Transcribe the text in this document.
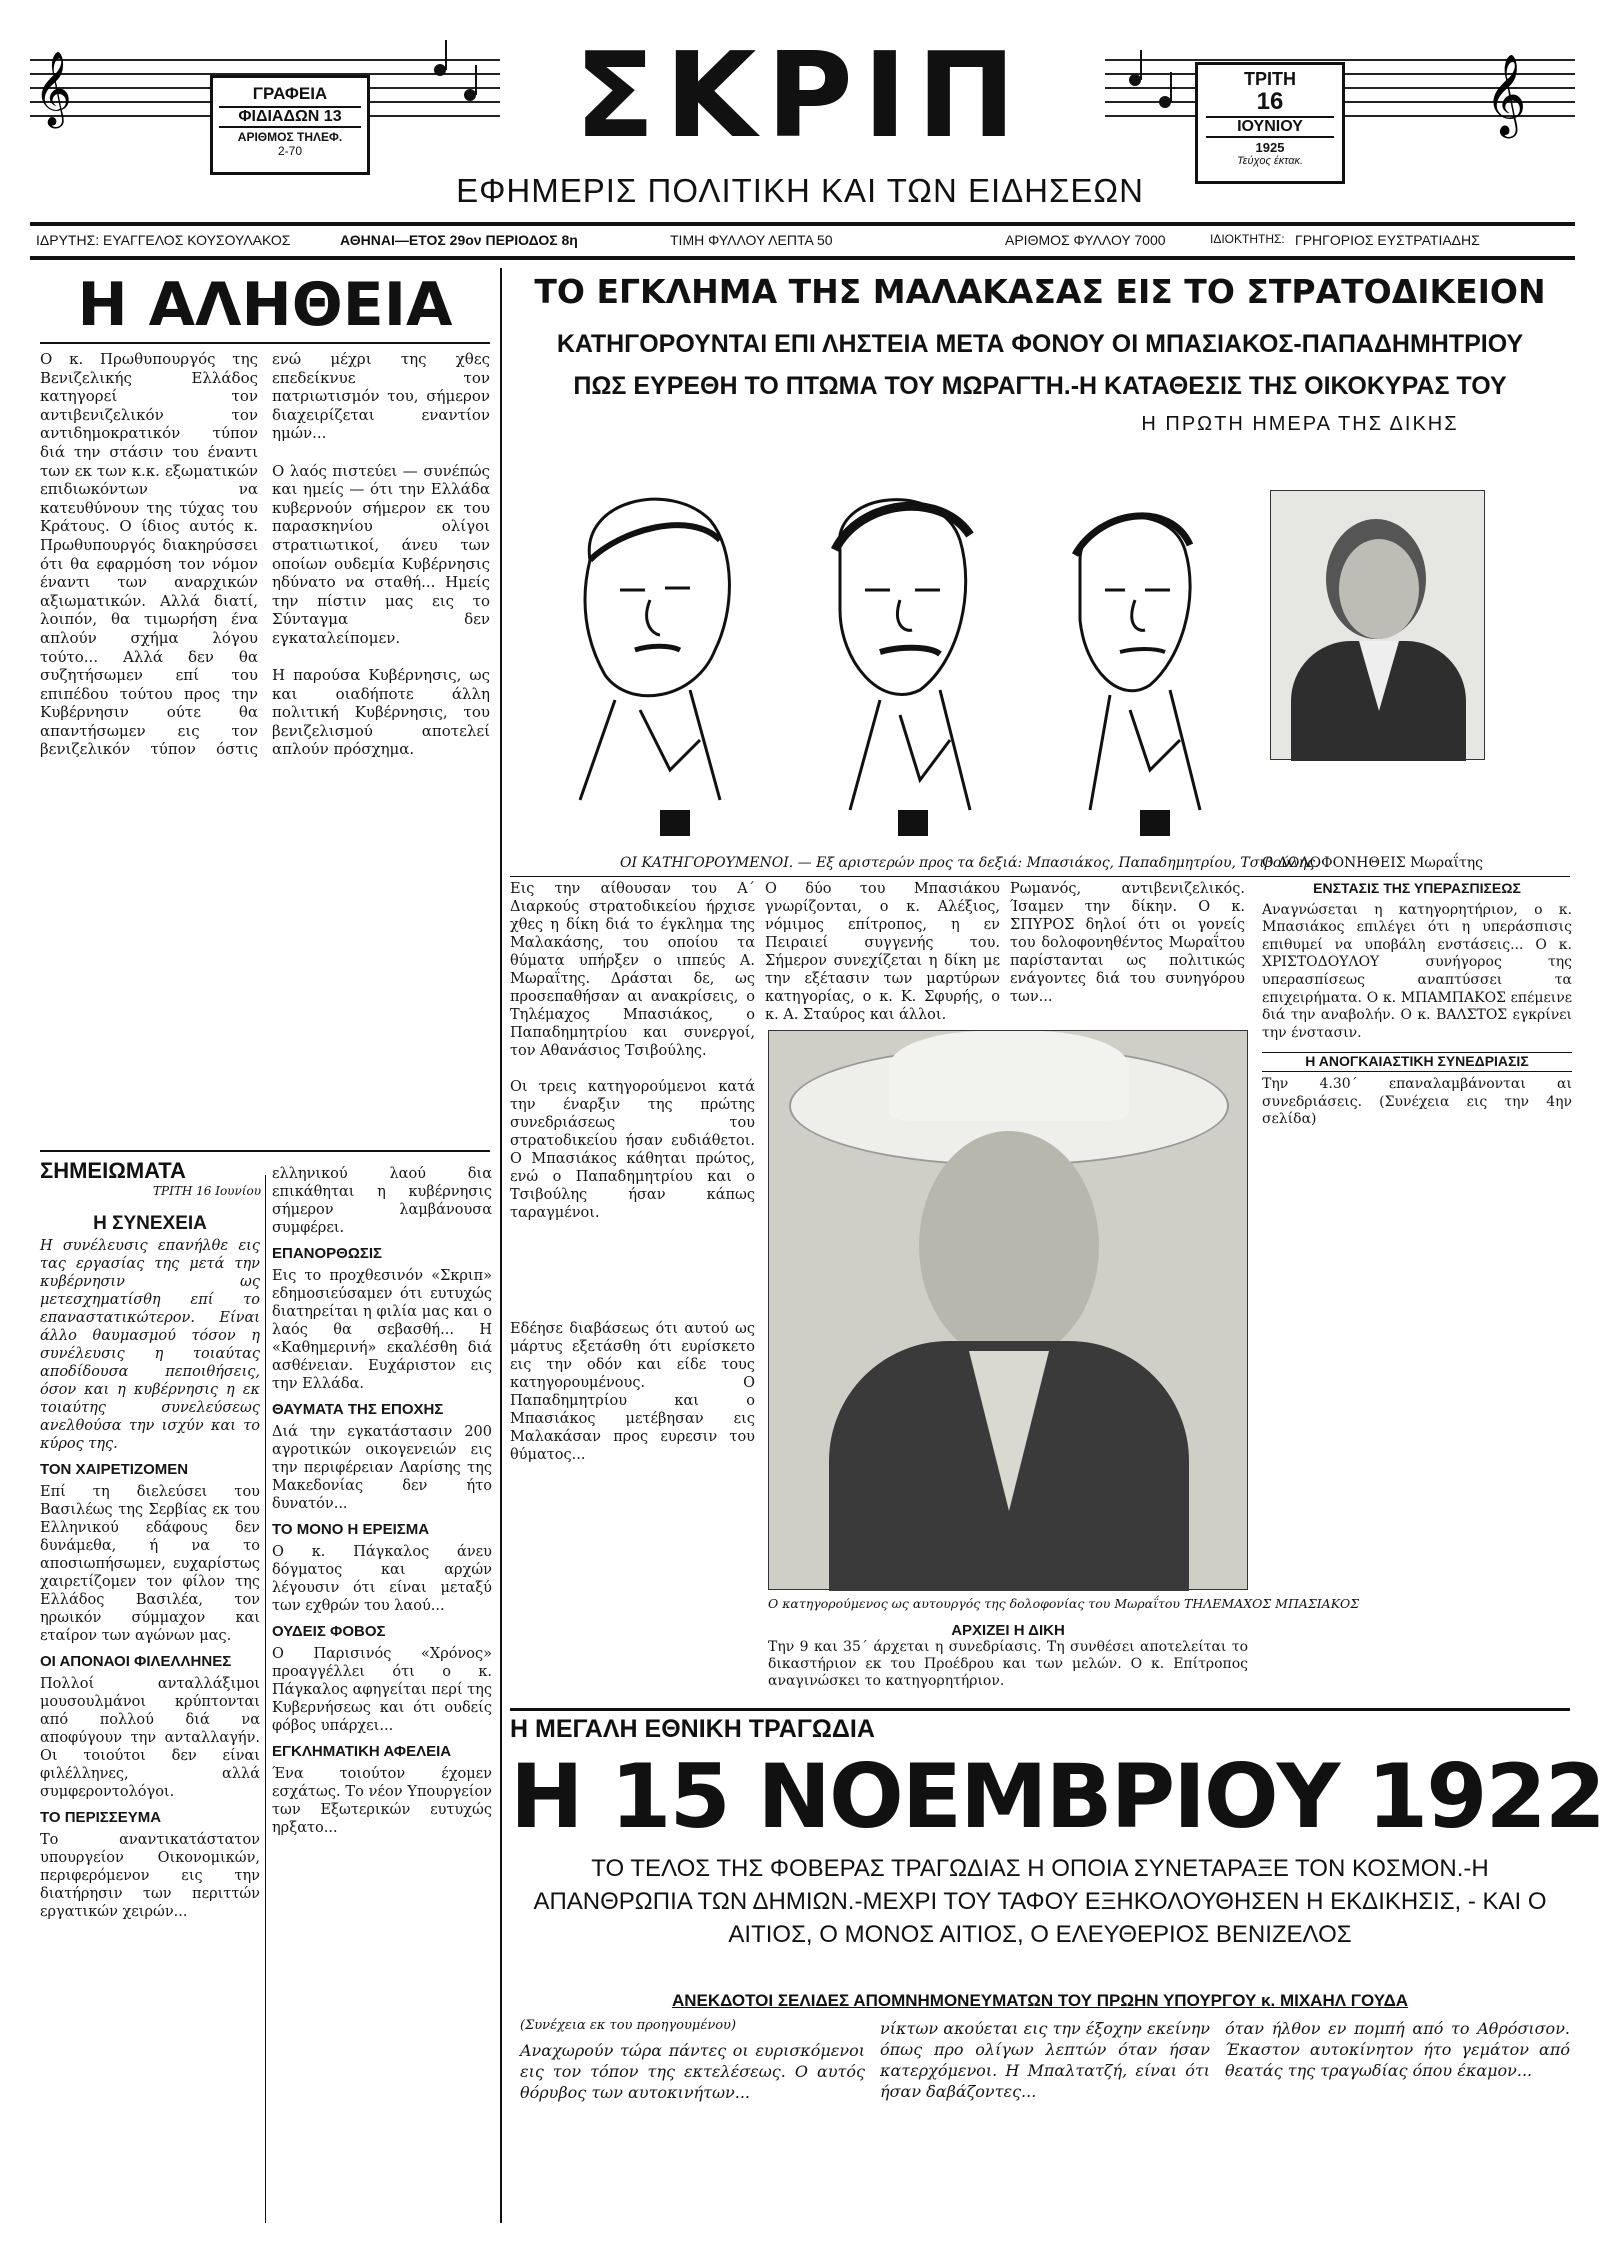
𝄞	𝄞
ΓΡΑΦΕΙΑ
ΦΙΔΙΑΔΩΝ 13
ΑΡΙΘΜΟΣ ΤΗΛΕΦ.
2-70	ΣΚΡΙΠ
ΕΦΗΜΕΡΙΣ ΠΟΛΙΤΙΚΗ ΚΑΙ ΤΩΝ ΕΙΔΗΣΕΩΝ
ΤΡΙΤΗ
16
ΙΟΥΝΙΟΥ
1925
Τεύχος έκτακ.
ΙΔΡΥΤΗΣ: ΕΥΑΓΓΕΛΟΣ ΚΟΥΣΟΥΛΑΚΟΣ	ΑΘΗΝΑΙ—ΕΤΟΣ 29ον ΠΕΡΙΟΔΟΣ 8η	ΤΙΜΗ ΦΥΛΛΟΥ ΛΕΠΤΑ 50	ΑΡΙΘΜΟΣ ΦΥΛΛΟΥ 7000	ΙΔΙΟΚΤΗΤΗΣ: ΓΡΗΓΟΡΙΟΣ ΕΥΣΤΡΑΤΙΑΔΗΣ
Η ΑΛΗΘΕΙΑ
Ο κ. Πρωθυπουργός της Βενιζελικής Ελλάδος κατηγορεί τον αντιβενιζελικόν τον αντιδημοκρατικόν τύπον διά την στάσιν του έναντι των εκ των κ.κ. εξωματικών επιδιωκόντων να κατευθύνουν της τύχας του Κράτους. Ο ίδιος αυτός κ. Πρωθυπουργός διακηρύσσει ότι θα εφαρμόση τον νόμον έναντι των αναρχικών αξιωματικών. Αλλά διατί, λοιπόν, θα τιμωρήση ένα απλούν σχήμα λόγου τούτο... Αλλά δεν θα συζητήσωμεν επί του επιπέδου τούτου προς την Κυβέρνησιν ούτε θα απαντήσωμεν εις τον βενιζελικόν τύπον όστις ενώ μέχρι της χθες επεδείκνυε τον πατριωτισμόν του, σήμερον διαχειρίζεται εναντίον ημών...

Ο λαός πιστεύει — συνέπώς και ημείς — ότι την Ελλάδα κυβερνούν σήμερον εκ του παρασκηνίου ολίγοι στρατιωτικοί, άνευ των οποίων ουδεμία Κυβέρνησις ηδύνατο να σταθή... Ημείς την πίστιν μας εις το Σύνταγμα δεν εγκαταλείπομεν.

Η παρούσα Κυβέρνησις, ως και οιαδήποτε άλλη πολιτική Κυβέρνησις, του βενιζελισμού αποτελεί απλούν πρόσχημα.
ΣΗΜΕΙΩΜΑΤΑ
ΤΡΙΤΗ 16 Ιουνίου
Η ΣΥΝΕΧΕΙΑ
Η συνέλευσις επανήλθε εις τας εργασίας της μετά την κυβέρνησιν ως μετεσχηματίσθη επί το επαναστατικώτερον. Είναι άλλο θαυμασμού τόσον η συνέλευσις η τοιαύτας αποδίδουσα πεποιθήσεις, όσον και η κυβέρνησις η εκ τοιαύτης συνελεύσεως ανελθούσα την ισχύν και το κύρος της.
ΤΟΝ ΧΑΙΡΕΤΙΖΟΜΕΝ
Επί τη διελεύσει του Βασιλέως της Σερβίας εκ του Ελληνικού εδάφους δεν δυνάμεθα, ή να το αποσιωπήσωμεν, ευχαρίστως χαιρετίζομεν τον φίλον της Ελλάδος Βασιλέα, τον ηρωικόν σύμμαχον και εταίρον των αγώνων μας.
ΟΙ ΑΠΟΝΑΟΙ ΦΙΛΕΛΛΗΝΕΣ
Πολλοί ανταλλάξιμοι μουσουλμάνοι κρύπτονται από πολλού διά να αποφύγουν την ανταλλαγήν. Οι τοιούτοι δεν είναι φιλέλληνες, αλλά συμφεροντολόγοι.
ΤΟ ΠΕΡΙΣΣΕΥΜΑ
Το αναντικατάστατον υπουργείον Οικονομικών, περιφερόμενον εις την διατήρησιν των περιττών εργατικών χειρών...
ελληνικού λαού δια επικάθηται η κυβέρνησις σήμερον λαμβάνουσα συμφέρει.
ΕΠΑΝΟΡΘΩΣΙΣ
Εις το προχθεσινόν «Σκριπ» εδημοσιεύσαμεν ότι ευτυχώς διατηρείται η φιλία μας και ο λαός θα σεβασθή... Η «Καθημερινή» εκαλέσθη διά ασθένειαν. Ευχάριστον εις την Ελλάδα.
ΘΑΥΜΑΤΑ ΤΗΣ ΕΠΟΧΗΣ
Διά την εγκατάστασιν 200 αγροτικών οικογενειών εις την περιφέρειαν Λαρίσης της Μακεδονίας δεν ήτο δυνατόν...
ΤΟ ΜΟΝΟ Η ΕΡΕΙΣΜΑ
Ο κ. Πάγκαλος άνευ δόγματος και αρχών λέγουσιν ότι είναι μεταξύ των εχθρών του λαού...
ΟΥΔΕΙΣ ΦΟΒΟΣ
Ο Παρισινός «Χρόνος» προαγγέλλει ότι ο κ. Πάγκαλος αφηγείται περί της Κυβερνήσεως και ότι ουδείς φόβος υπάρχει...
ΕΓΚΛΗΜΑΤΙΚΗ ΑΦΕΛΕΙΑ
Ένα τοιούτον έχομεν εσχάτως. Το νέον Υπουργείον των Εξωτερικών ευτυχώς ηρξατο...
ΤΟ ΕΓΚΛΗΜΑ ΤΗΣ ΜΑΛΑΚΑΣΑΣ ΕΙΣ ΤΟ ΣΤΡΑΤΟΔΙΚΕΙΟΝ
ΚΑΤΗΓΟΡΟΥΝΤΑΙ ΕΠΙ ΛΗΣΤΕΙΑ ΜΕΤΑ ΦΟΝΟΥ ΟΙ ΜΠΑΣΙΑΚΟΣ-ΠΑΠΑΔΗΜΗΤΡΙΟΥ
ΠΩΣ ΕΥΡΕΘΗ ΤΟ ΠΤΩΜΑ ΤΟΥ ΜΩΡΑΓΤΗ.-Η ΚΑΤΑΘΕΣΙΣ ΤΗΣ ΟΙΚΟΚΥΡΑΣ ΤΟΥ
Η ΠΡΩΤΗ ΗΜΕΡΑ ΤΗΣ ΔΙΚΗΣ
ΟΙ ΚΑΤΗΓΟΡΟΥΜΕΝΟΙ. — Εξ αριστερών προς τα δεξιά: Μπασιάκος, Παπαδημητρίου, Τσιβούλης.
Ο ΔΟΛΟΦΟΝΗΘΕΙΣ Μωραΐτης
Εις την αίθουσαν του Α΄ Διαρκούς στρατοδικείου ήρχισε χθες η δίκη διά το έγκλημα της Μαλακάσης, του οποίου τα θύματα υπήρξεν ο ιππεύς Α. Μωραΐτης. Δράσται δε, ως προσεπαθήσαν αι ανακρίσεις, ο Τηλέμαχος Μπασιάκος, ο Παπαδημητρίου και συνεργοί, τον Αθανάσιος Τσιβούλης.

Οι τρεις κατηγορούμενοι κατά την έναρξιν της πρώτης συνεδριάσεως του στρατοδικείου ήσαν ευδιάθετοι. Ο Μπασιάκος κάθηται πρώτος, ενώ ο Παπαδημητρίου και ο Τσιβούλης ήσαν κάπως ταραγμένοι.
Ο δύο του Μπασιάκου γνωρίζονται, ο κ. Αλέξιος, νόμιμος επίτροπος, η εν Πειραιεί συγγενής του. Σήμερον συνεχίζεται η δίκη με την εξέτασιν των μαρτύρων κατηγορίας, ο κ. Κ. Σφυρής, ο κ. Α. Σταύρος και άλλοι.
Ρωμανός, αντιβενιζελικός. Ίσαμεν την δίκην. Ο κ. ΣΠΥΡΟΣ δηλοί ότι οι γονείς του δολοφονηθέντος Μωραΐτου παρίστανται ως πολιτικώς ενάγοντες διά του συνηγόρου των...
ΕΝΣΤΑΣΙΣ ΤΗΣ ΥΠΕΡΑΣΠΙΣΕΩΣ
Αναγνώσεται η κατηγορητήριον, ο κ. Μπασιάκος επιλέγει ότι η υπεράσπισις επιθυμεί να υποβάλη ενστάσεις... Ο κ. ΧΡΙΣΤΟΔΟΥΛΟΥ συνήγορος της υπερασπίσεως αναπτύσσει τα επιχειρήματα. Ο κ. ΜΠΑΜΠΑΚΟΣ επέμεινε διά την αναβολήν. Ο κ. ΒΑΛΣΤΟΣ εγκρίνει την ένστασιν.
Η ΑΝΟΓΚΑΙΑΣΤΙΚΗ ΣΥΝΕΔΡΙΑΣΙΣ
Την 4.30΄ επαναλαμβάνονται αι συνεδριάσεις. (Συνέχεια εις την 4ην σελίδα)
Ο κατηγορούμενος ως αυτουργός της δολοφονίας του Μωραΐτου ΤΗΛΕΜΑΧΟΣ ΜΠΑΣΙΑΚΟΣ
Εδέησε διαβάσεως ότι αυτού ως μάρτυς εξετάσθη ότι ευρίσκετο εις την οδόν και είδε τους κατηγορουμένους. Ο Παπαδημητρίου και ο Μπασιάκος μετέβησαν εις Μαλακάσαν προς ευρεσιν του θύματος...
ΑΡΧΙΖΕΙ Η ΔΙΚΗ
Την 9 και 35΄ άρχεται η συνεδρίασις. Τη συνθέσει αποτελείται το δικαστήριον εκ του Προέδρου και των μελών. Ο κ. Επίτροπος αναγινώσκει το κατηγορητήριον.
Η ΜΕΓΑΛΗ ΕΘΝΙΚΗ ΤΡΑΓΩΔΙΑ
Η 15 ΝΟΕΜΒΡΙΟΥ 1922
ΤΟ ΤΕΛΟΣ ΤΗΣ ΦΟΒΕΡΑΣ ΤΡΑΓΩΔΙΑΣ Η ΟΠΟΙΑ ΣΥΝΕΤΑΡΑΞΕ ΤΟΝ ΚΟΣΜΟΝ.-Η ΑΠΑΝΘΡΩΠΙΑ ΤΩΝ ΔΗΜΙΩΝ.-ΜΕΧΡΙ ΤΟΥ ΤΑΦΟΥ ΕΞΗΚΟΛΟΥΘΗΣΕΝ Η ΕΚΔΙΚΗΣΙΣ, - ΚΑΙ Ο ΑΙΤΙΟΣ, Ο ΜΟΝΟΣ ΑΙΤΙΟΣ, Ο ΕΛΕΥΘΕΡΙΟΣ ΒΕΝΙΖΕΛΟΣ
ΑΝΕΚΔΟΤΟΙ ΣΕΛΙΔΕΣ ΑΠΟΜΝΗΜΟΝΕΥΜΑΤΩΝ ΤΟΥ ΠΡΩΗΝ ΥΠΟΥΡΓΟΥ κ. ΜΙΧΑΗΛ ΓΟΥΔΑ
(Συνέχεια εκ του προηγουμένου)
Αναχωρούν τώρα πάντες οι ευρισκόμενοι εις τον τόπον της εκτελέσεως. Ο αυτός θόρυβος των αυτοκινήτων...
νίκτων ακούεται εις την έξοχην εκείνην όπως προ ολίγων λεπτών όταν ήσαν κατερχόμενοι. Η Μπαλτατζή, είναι ότι ήσαν δαβάζοντες...
όταν ήλθον εν πομπή από το Αθρόσισον. Έκαστον αυτοκίνητον ήτο γεμάτον από θεατάς της τραγωδίας όπου έκαμον...
